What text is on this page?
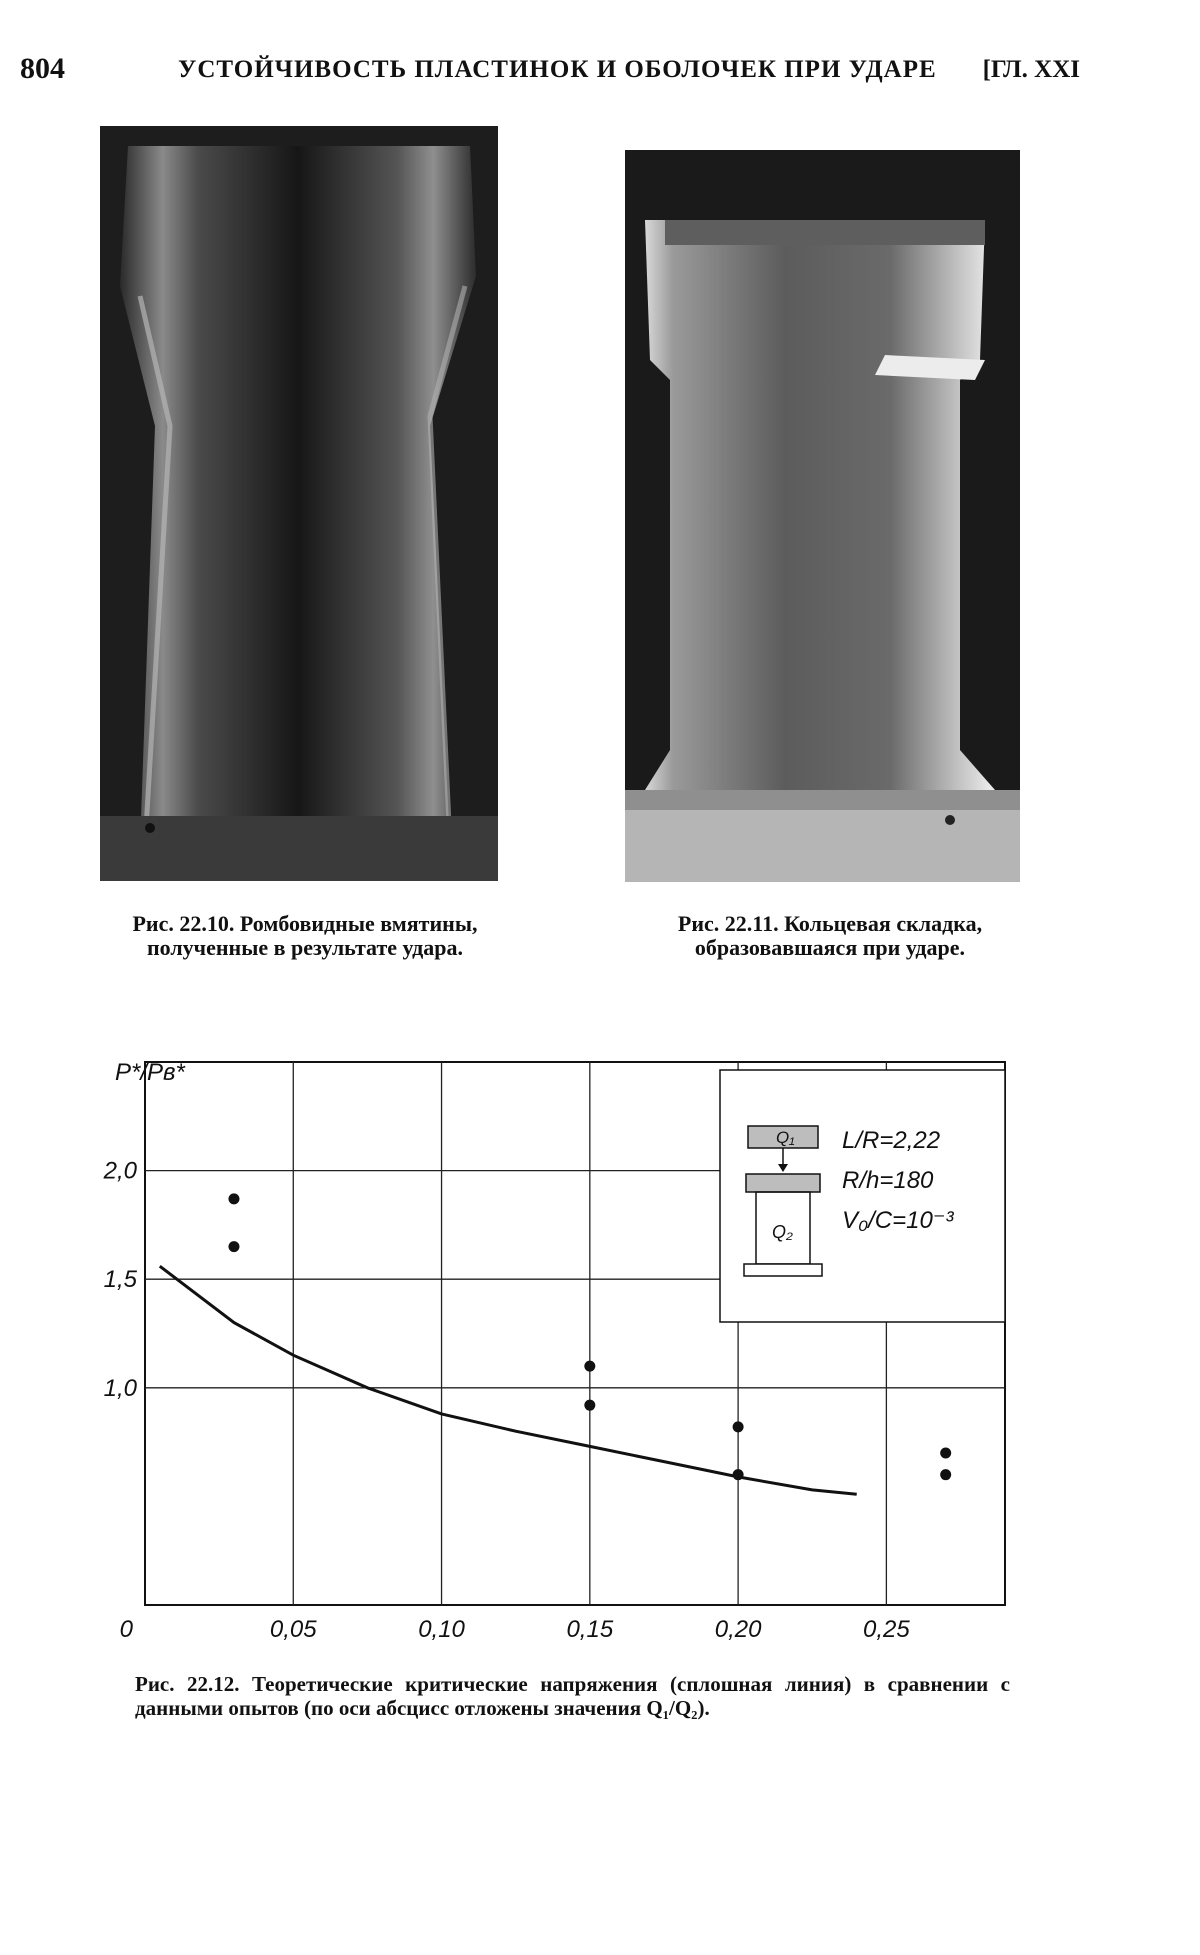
804	УСТОЙЧИВОСТЬ ПЛАСТИНОК И ОБОЛОЧЕК ПРИ УДАРЕ [ГЛ. XXI
Рис. 22.10. Ромбовидные вмятины, полученные в результате удара.
Рис. 22.11. Кольцевая складка, образовавшаяся при ударе.
0,05	0,10	0,15	0,20	0,25
1,0
1,5
2,0
0
P*/Pв*
Q₁
Q₂
L/R=2,22
R/h=180
V₀/C=10⁻³
Рис. 22.12. Теоретические критические напряжения (сплошная линия) в сравнении с данными опытов (по оси абсцисс отложены значения Q₁/Q₂).
